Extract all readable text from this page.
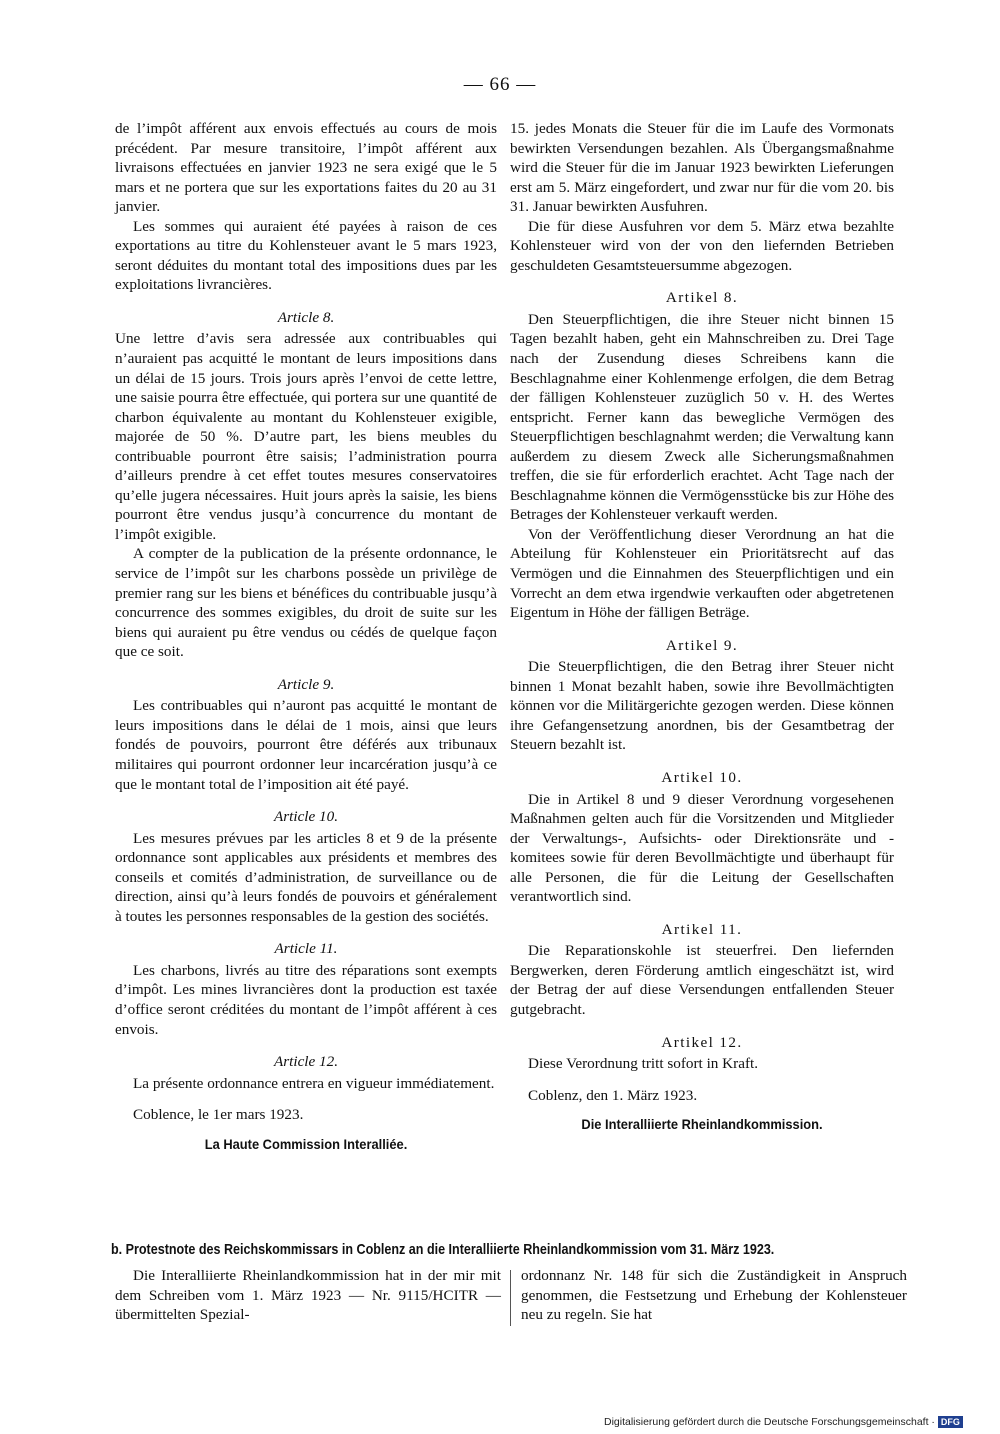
— 66 —

de l’impôt afférent aux envois effectués au cours de mois précédent. Par mesure transitoire, l’impôt afférent aux livraisons effectuées en janvier 1923 ne sera exigé que le 5 mars et ne portera que sur les exportations faites du 20 au 31 janvier.

Les sommes qui auraient été payées à raison de ces exportations au titre du Kohlensteuer avant le 5 mars 1923, seront déduites du montant total des impositions dues par les exploitations livrancières.

Article 8.

Une lettre d’avis sera adressée aux contribuables qui n’auraient pas acquitté le montant de leurs impositions dans un délai de 15 jours. Trois jours après l’envoi de cette lettre, une saisie pourra être effectuée, qui portera sur une quantité de charbon équivalente au montant du Kohlensteuer exigible, majorée de 50 %. D’autre part, les biens meubles du contribuable pourront être saisis; l’administration pourra d’ailleurs prendre à cet effet toutes mesures conservatoires qu’elle jugera nécessaires. Huit jours après la saisie, les biens pourront être vendus jusqu’à concurrence du montant de l’impôt exigible.

A compter de la publication de la présente ordonnance, le service de l’impôt sur les charbons possède un privilège de premier rang sur les biens et bénéfices du contribuable jusqu’à concurrence des sommes exigibles, du droit de suite sur les biens qui auraient pu être vendus ou cédés de quelque façon que ce soit.

Article 9.

Les contribuables qui n’auront pas acquitté le montant de leurs impositions dans le délai de 1 mois, ainsi que leurs fondés de pouvoirs, pourront être déférés aux tribunaux militaires qui pourront ordonner leur incarcération jusqu’à ce que le montant total de l’imposition ait été payé.

Article 10.

Les mesures prévues par les articles 8 et 9 de la présente ordonnance sont applicables aux présidents et membres des conseils et comités d’administration, de surveillance ou de direction, ainsi qu’à leurs fondés de pouvoirs et généralement à toutes les personnes responsables de la gestion des sociétés.

Article 11.

Les charbons, livrés au titre des réparations sont exempts d’impôt. Les mines livrancières dont la production est taxée d’office seront créditées du montant de l’impôt afférent à ces envois.

Article 12.

La présente ordonnance entrera en vigueur immédiatement.

Coblence, le 1er mars 1923.

La Haute Commission Interalliée.

15. jedes Monats die Steuer für die im Laufe des Vormonats bewirkten Versendungen bezahlen. Als Übergangsmaßnahme wird die Steuer für die im Januar 1923 bewirkten Lieferungen erst am 5. März eingefordert, und zwar nur für die vom 20. bis 31. Januar bewirkten Ausfuhren.

Die für diese Ausfuhren vor dem 5. März etwa bezahlte Kohlensteuer wird von der von den liefernden Betrieben geschuldeten Gesamtsteuersumme abgezogen.

Artikel 8.

Den Steuerpflichtigen, die ihre Steuer nicht binnen 15 Tagen bezahlt haben, geht ein Mahnschreiben zu. Drei Tage nach der Zusendung dieses Schreibens kann die Beschlagnahme einer Kohlenmenge erfolgen, die dem Betrag der fälligen Kohlensteuer zuzüglich 50 v. H. des Wertes entspricht. Ferner kann das bewegliche Vermögen des Steuerpflichtigen beschlagnahmt werden; die Verwaltung kann außerdem zu diesem Zweck alle Sicherungsmaßnahmen treffen, die sie für erforderlich erachtet. Acht Tage nach der Beschlagnahme können die Vermögensstücke bis zur Höhe des Betrages der Kohlensteuer verkauft werden.

Von der Veröffentlichung dieser Verordnung an hat die Abteilung für Kohlensteuer ein Prioritätsrecht auf das Vermögen und die Einnahmen des Steuerpflichtigen und ein Vorrecht an dem etwa irgendwie verkauften oder abgetretenen Eigentum in Höhe der fälligen Beträge.

Artikel 9.

Die Steuerpflichtigen, die den Betrag ihrer Steuer nicht binnen 1 Monat bezahlt haben, sowie ihre Bevollmächtigten können vor die Militärgerichte gezogen werden. Diese können ihre Gefangensetzung anordnen, bis der Gesamtbetrag der Steuern bezahlt ist.

Artikel 10.

Die in Artikel 8 und 9 dieser Verordnung vorgesehenen Maßnahmen gelten auch für die Vorsitzenden und Mitglieder der Verwaltungs-, Aufsichts- oder Direktionsräte und -komitees sowie für deren Bevollmächtigte und überhaupt für alle Personen, die für die Leitung der Gesellschaften verantwortlich sind.

Artikel 11.

Die Reparationskohle ist steuerfrei. Den liefernden Bergwerken, deren Förderung amtlich eingeschätzt ist, wird der Betrag der auf diese Versendungen entfallenden Steuer gutgebracht.

Artikel 12.

Diese Verordnung tritt sofort in Kraft.

Coblenz, den 1. März 1923.

Die Interalliierte Rheinlandkommission.
b. Protestnote des Reichskommissars in Coblenz an die Interalliierte Rheinlandkommission vom 31. März 1923.

Die Interalliierte Rheinlandkommission hat in der mir mit dem Schreiben vom 1. März 1923 — Nr. 9115/HCITR — übermittelten Spezial-

ordonnanz Nr. 148 für sich die Zuständigkeit in Anspruch genommen, die Festsetzung und Erhebung der Kohlensteuer neu zu regeln. Sie hat

Digitalisierung gefördert durch die Deutsche Forschungsgemeinschaft · DFG
